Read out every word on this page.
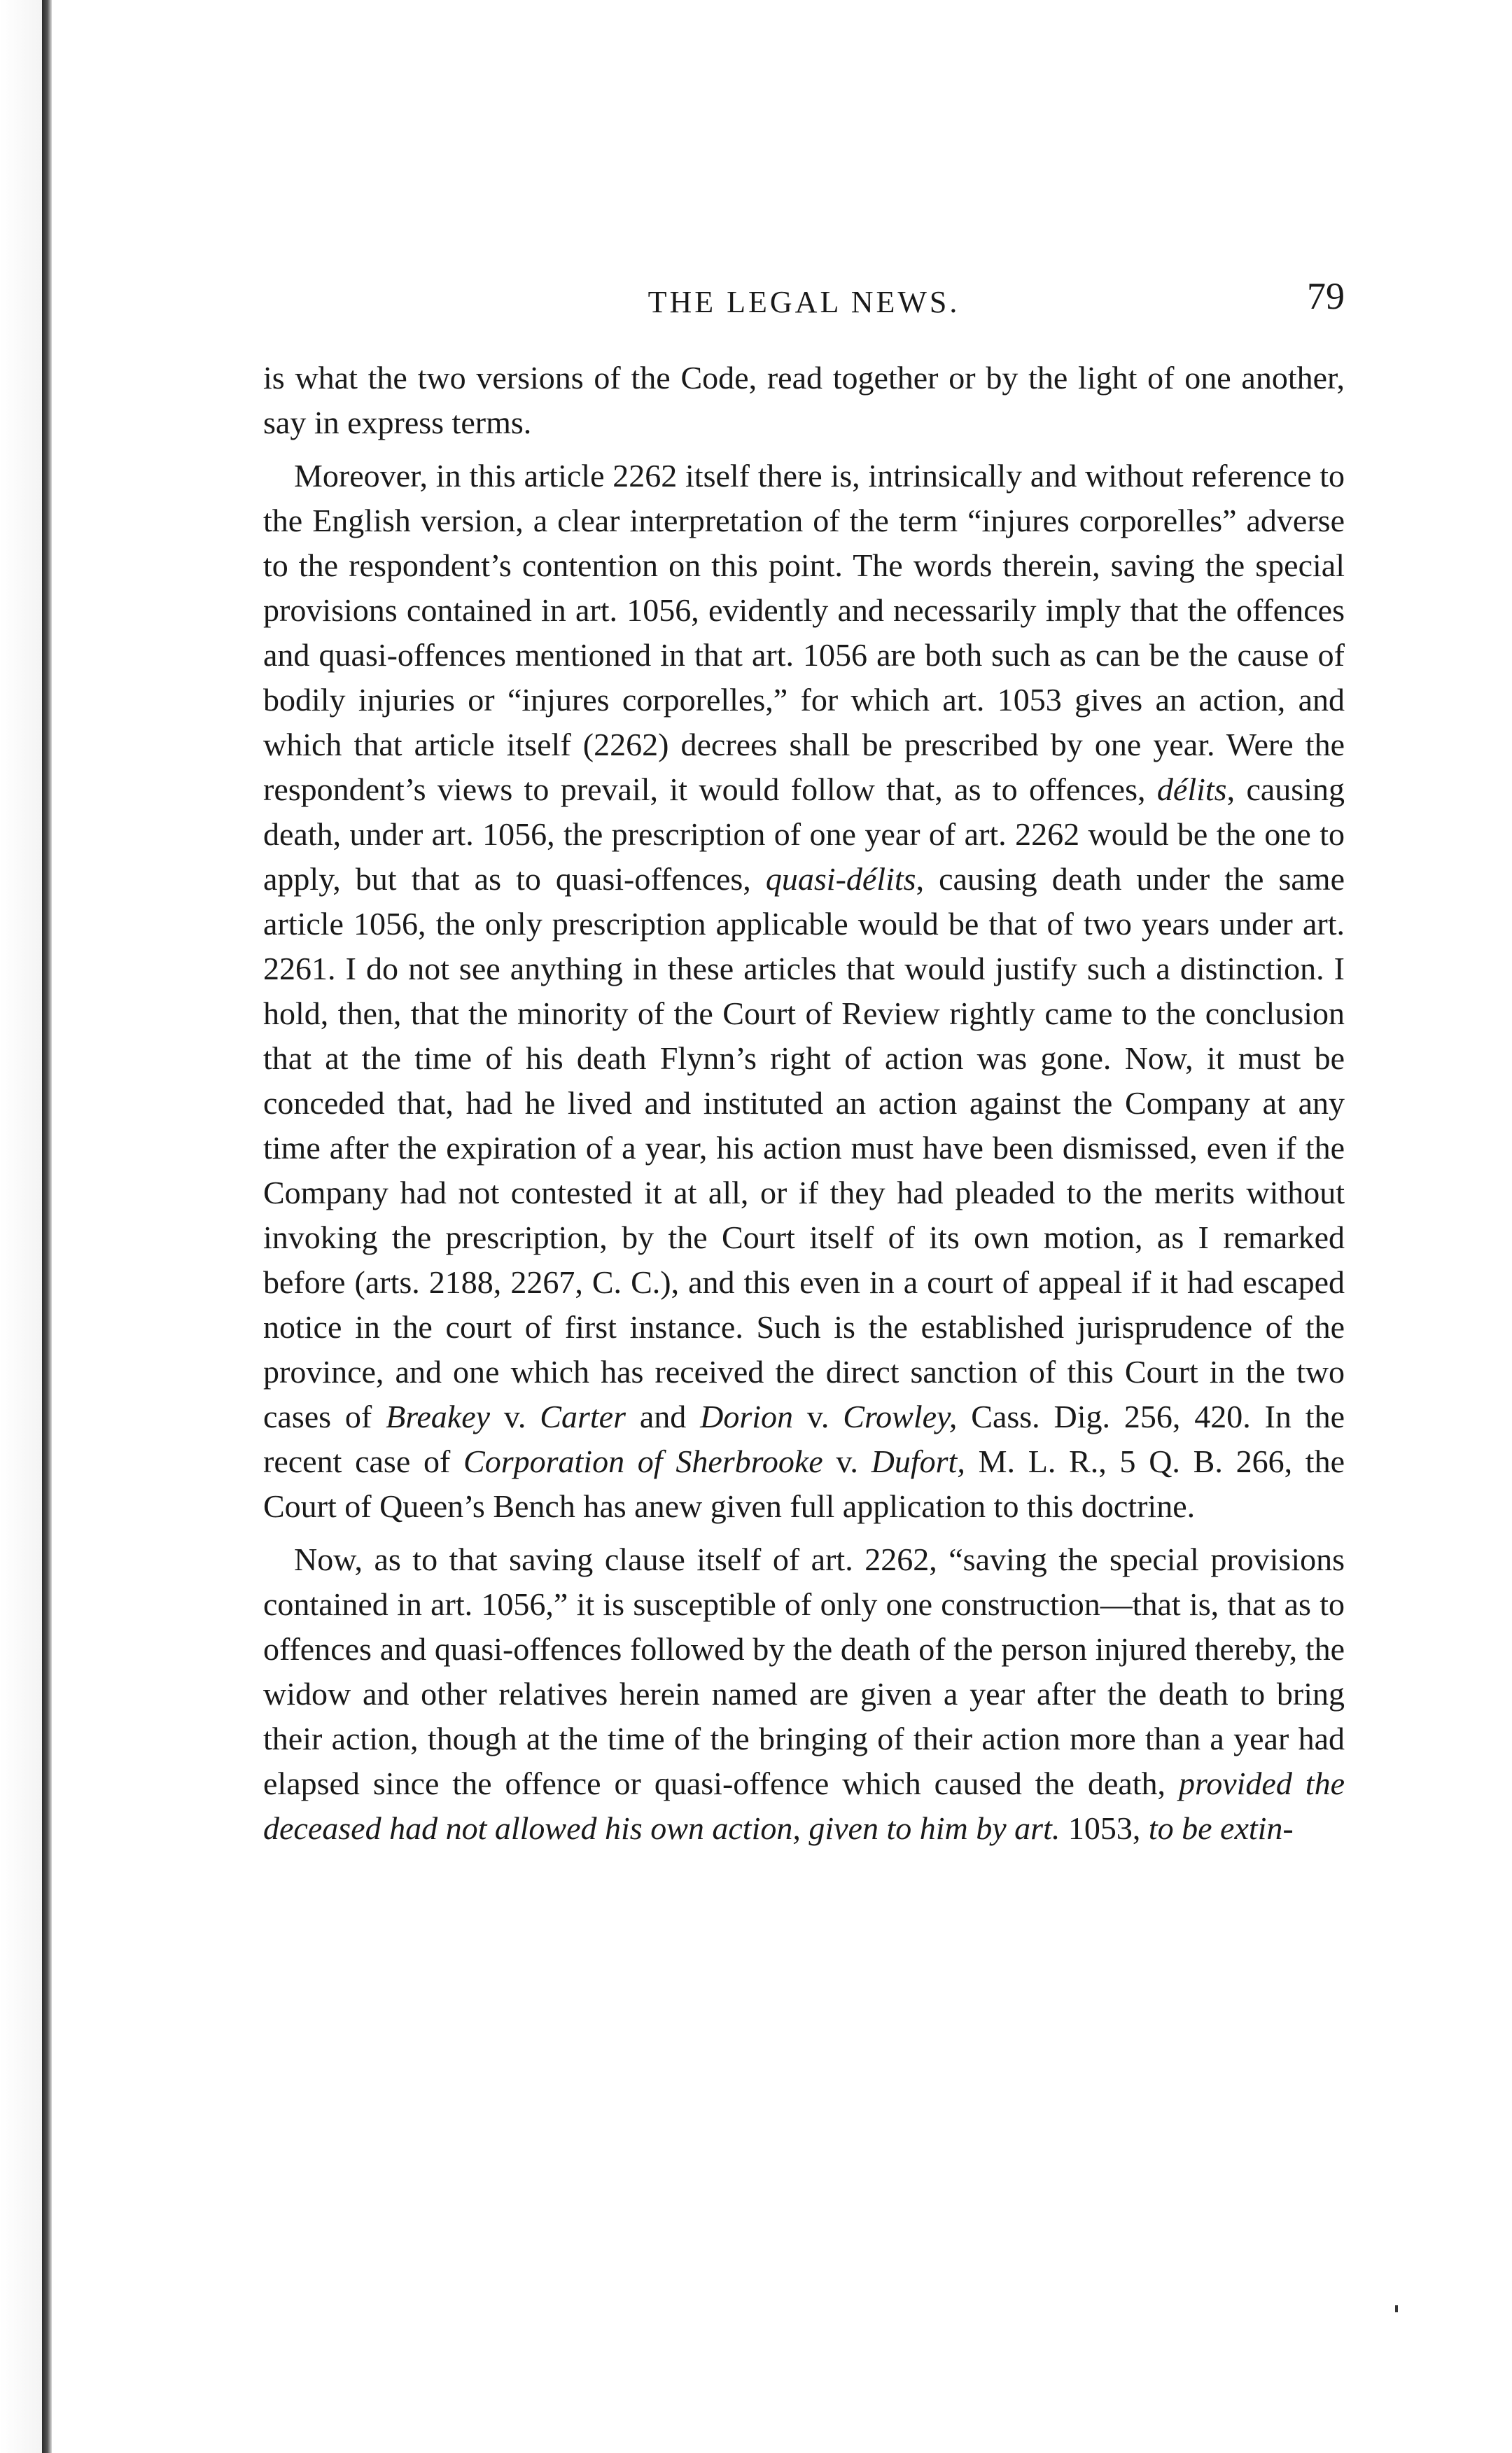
THE LEGAL NEWS.	79

is what the two versions of the Code, read together or by the light of one another, say in express terms.

Moreover, in this article 2262 itself there is, intrinsically and without reference to the English version, a clear interpretation of the term “injures corporelles” adverse to the respondent’s contention on this point. The words therein, saving the special provisions contained in art. 1056, evidently and necessarily imply that the offences and quasi-offences mentioned in that art. 1056 are both such as can be the cause of bodily injuries or “injures corporelles,” for which art. 1053 gives an action, and which that article itself (2262) decrees shall be prescribed by one year. Were the respondent’s views to prevail, it would follow that, as to offences, délits, causing death, under art. 1056, the prescription of one year of art. 2262 would be the one to apply, but that as to quasi-offences, quasi-délits, causing death under the same article 1056, the only prescription applicable would be that of two years under art. 2261. I do not see anything in these articles that would justify such a distinction. I hold, then, that the minority of the Court of Review rightly came to the conclusion that at the time of his death Flynn’s right of action was gone. Now, it must be conceded that, had he lived and instituted an action against the Company at any time after the expiration of a year, his action must have been dismissed, even if the Company had not contested it at all, or if they had pleaded to the merits without invoking the prescription, by the Court itself of its own motion, as I remarked before (arts. 2188, 2267, C. C.), and this even in a court of appeal if it had escaped notice in the court of first instance. Such is the established jurisprudence of the province, and one which has received the direct sanction of this Court in the two cases of Breakey v. Carter and Dorion v. Crowley, Cass. Dig. 256, 420. In the recent case of Corporation of Sherbrooke v. Dufort, M. L. R., 5 Q. B. 266, the Court of Queen’s Bench has anew given full application to this doctrine.

Now, as to that saving clause itself of art. 2262, “saving the special provisions contained in art. 1056,” it is susceptible of only one construction—that is, that as to offences and quasi-offences followed by the death of the person injured thereby, the widow and other relatives herein named are given a year after the death to bring their action, though at the time of the bringing of their action more than a year had elapsed since the offence or quasi-offence which caused the death, provided the deceased had not allowed his own action, given to him by art. 1053, to be extin-
